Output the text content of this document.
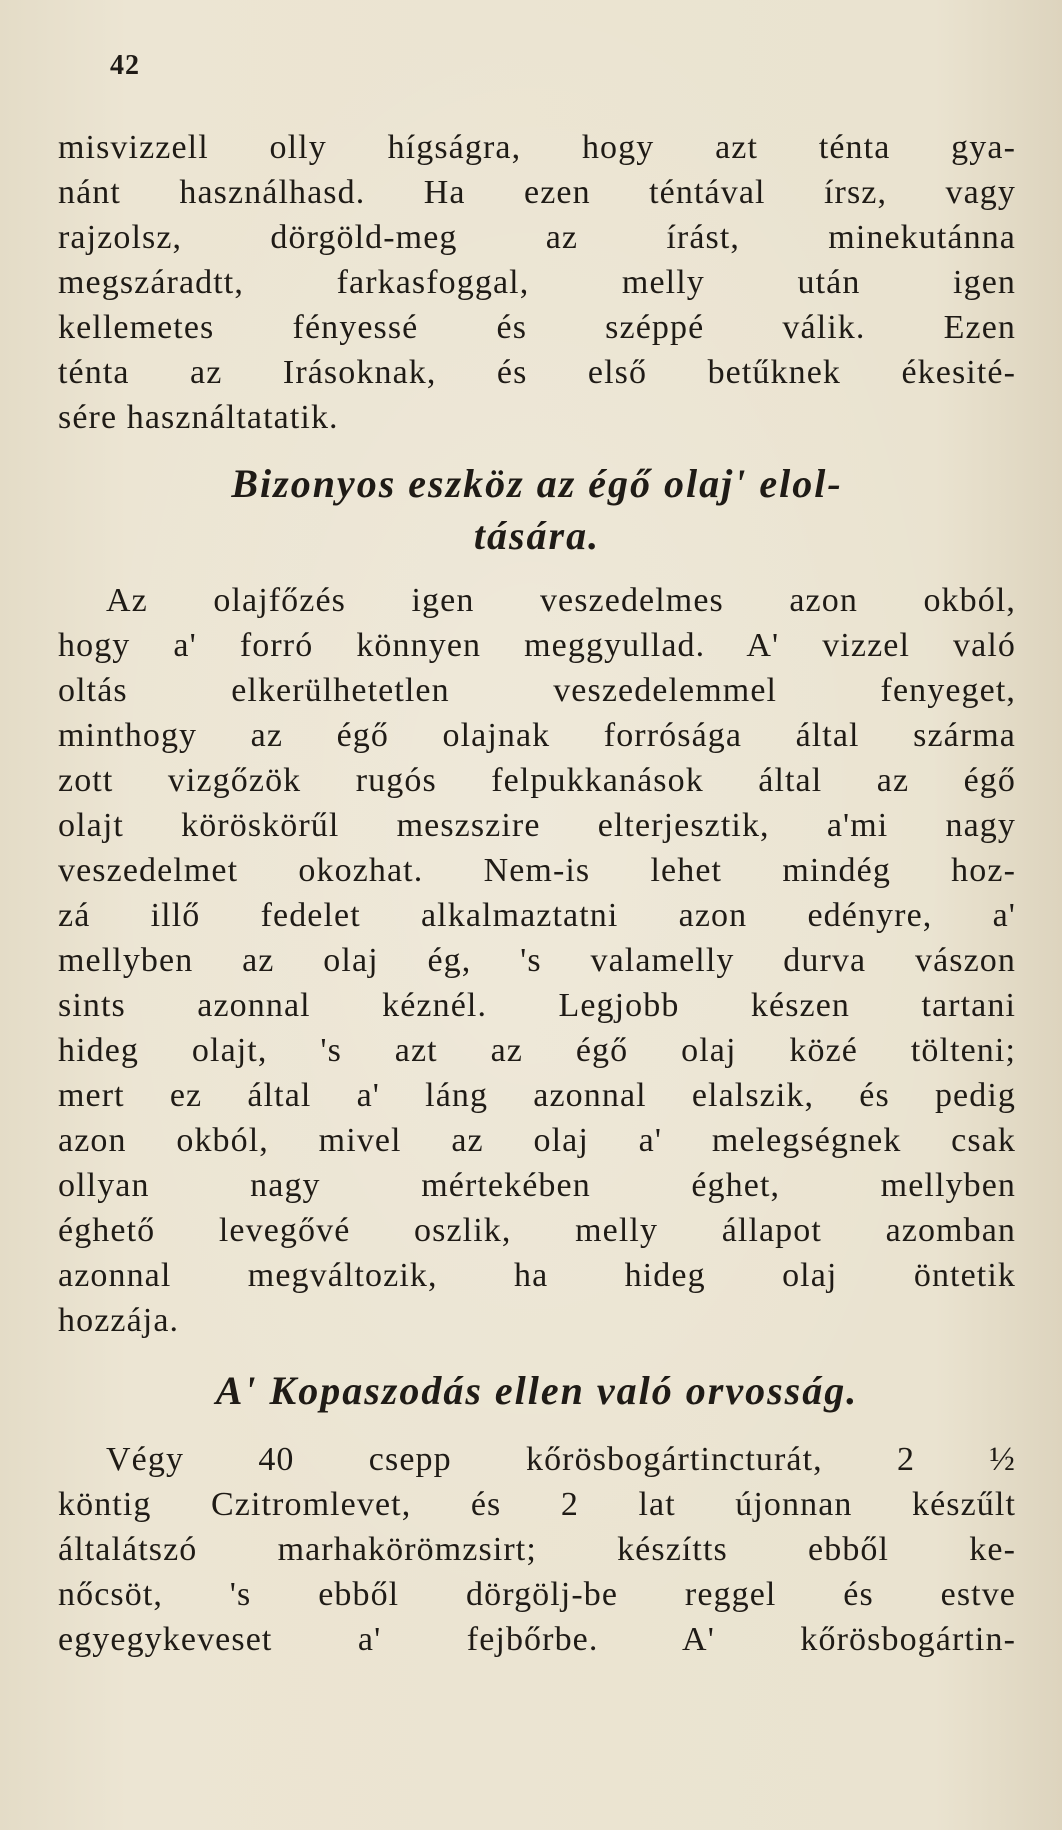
42
misvizzell olly hígságra, hogy azt ténta gya-
nánt használhasd. Ha ezen téntával írsz, vagy
rajzolsz, dörgöld-meg az írást, minekutánna
megszáradtt, farkasfoggal, melly után igen
kellemetes fényessé és széppé válik. Ezen
ténta az Irásoknak, és első betűknek ékesité-
sére használtatatik.
Bizonyos eszköz az égő olaj' elol-
tására.
Az olajfőzés igen veszedelmes azon okból,
hogy a' forró könnyen meggyullad. A' vizzel való
oltás elkerülhetetlen veszedelemmel fenyeget,
minthogy az égő olajnak forrósága által szárma
zott vizgőzök rugós felpukkanások által az égő
olajt köröskörűl meszszire elterjesztik, a'mi nagy
veszedelmet okozhat. Nem-is lehet mindég hoz-
zá illő fedelet alkalmaztatni azon edényre, a'
mellyben az olaj ég, 's valamelly durva vászon
sints azonnal kéznél. Legjobb készen tartani
hideg olajt, 's azt az égő olaj közé tölteni;
mert ez által a' láng azonnal elalszik, és pedig
azon okból, mivel az olaj a' melegségnek csak
ollyan nagy mértekében éghet, mellyben
éghető levegővé oszlik, melly állapot azomban
azonnal megváltozik, ha hideg olaj öntetik
hozzája.
A' Kopaszodás ellen való orvosság.
Végy 40 csepp kőrösbogártincturát, 2 ½
köntig Czitromlevet, és 2 lat újonnan készűlt
általátszó marhaköröm​zsirt; készítts ebből ke-
nőcsöt, 's ebből dörgölj-be reggel és estve
egyegykeveset a' fejbőrbe. A' kőrösbogártin-
